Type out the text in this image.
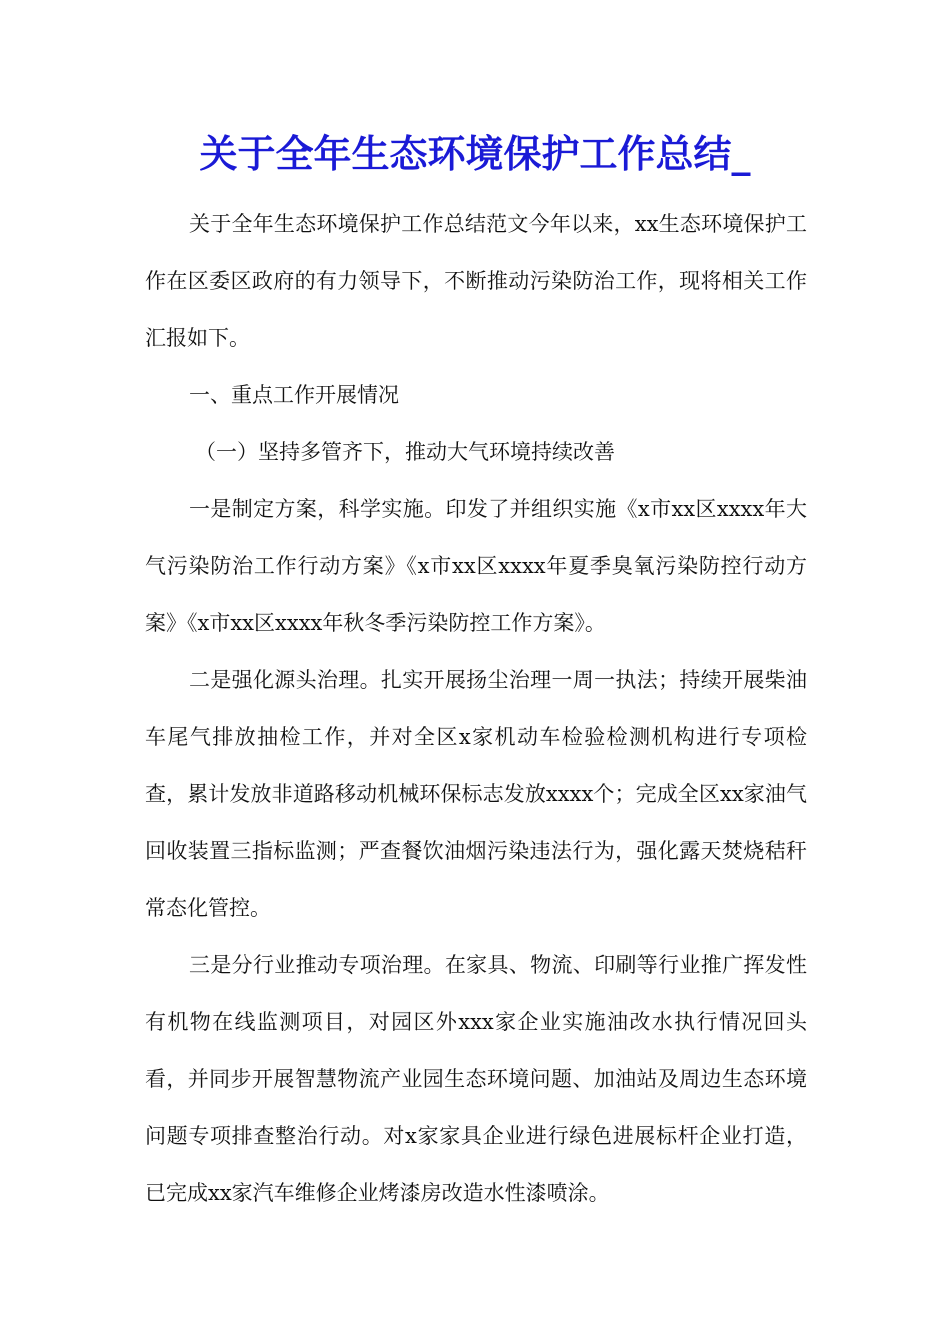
关于全年生态环境保护工作总结_

关于全年生态环境保护工作总结范文今年以来，xx生态环境保护工作在区委区政府的有力领导下，不断推动污染防治工作，现将相关工作汇报如下。

一、重点工作开展情况

（一）坚持多管齐下，推动大气环境持续改善

一是制定方案，科学实施。印发了并组织实施《x市xx区xxxx年大气污染防治工作行动方案》《x市xx区xxxx年夏季臭氧污染防控行动方案》《x市xx区xxxx年秋冬季污染防控工作方案》。

二是强化源头治理。扎实开展扬尘治理一周一执法；持续开展柴油车尾气排放抽检工作，并对全区x家机动车检验检测机构进行专项检查，累计发放非道路移动机械环保标志发放xxxx个；完成全区xx家油气回收装置三指标监测；严查餐饮油烟污染违法行为，强化露天焚烧秸秆常态化管控。

三是分行业推动专项治理。在家具、物流、印刷等行业推广挥发性有机物在线监测项目，对园区外xxx家企业实施油改水执行情况回头看，并同步开展智慧物流产业园生态环境问题、加油站及周边生态环境问题专项排查整治行动。对x家家具企业进行绿色进展标杆企业打造，已完成xx家汽车维修企业烤漆房改造水性漆喷涂。
